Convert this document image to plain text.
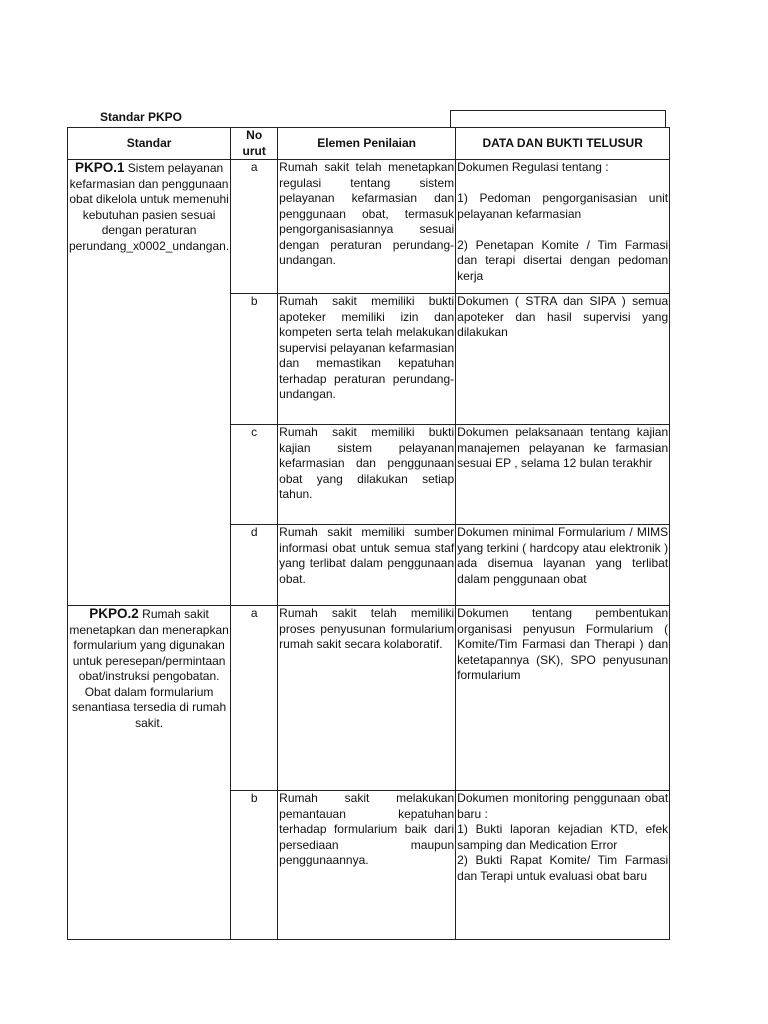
Standar PKPO
Standar	No urut	Elemen Penilaian	DATA DAN BUKTI TELUSUR
PKPO.1 Sistem pelayanan kefarmasian dan penggunaan obat dikelola untuk memenuhi kebutuhan pasien sesuai dengan peraturan perundang_x0002_undangan.	a	Rumah sakit telah menetapkan regulasi tentang sistem pelayanan kefarmasian dan penggunaan obat, termasuk pengorganisasiannya sesuai dengan peraturan perundang-undangan.	Dokumen Regulasi tentang :

1) Pedoman pengorganisasian unit pelayanan kefarmasian

2) Penetapan Komite / Tim Farmasi dan terapi disertai dengan pedoman kerja

	b	Rumah sakit memiliki bukti apoteker memiliki izin dan kompeten serta telah melakukan supervisi pelayanan kefarmasian dan memastikan kepatuhan terhadap peraturan perundang- undangan.	Dokumen ( STRA dan SIPA ) semua apoteker dan hasil supervisi yang dilakukan

	c	Rumah sakit memiliki bukti kajian sistem pelayanan kefarmasian dan penggunaan obat yang dilakukan setiap tahun.	Dokumen pelaksanaan tentang kajian manajemen pelayanan ke farmasian sesuai EP , selama 12 bulan terakhir

	d	Rumah sakit memiliki sumber informasi obat untuk semua staf yang terlibat dalam penggunaan obat.	Dokumen minimal Formularium / MIMS yang terkini ( hardcopy atau elektronik ) ada disemua layanan yang terlibat dalam penggunaan obat

PKPO.2 Rumah sakit menetapkan dan menerapkan formularium yang digunakan untuk peresepan/permintaan obat/instruksi pengobatan. Obat dalam formularium senantiasa tersedia di rumah sakit.	a	Rumah sakit telah memiliki proses penyusunan formularium rumah sakit secara kolaboratif.	Dokumen tentang pembentukan organisasi penyusun Formularium ( Komite/Tim Farmasi dan Therapi ) dan ketetapannya (SK), SPO penyusunan formularium

	b	Rumah sakit melakukan pemantauan kepatuhan terhadap formularium baik dari persediaan maupun penggunaannya.	Dokumen monitoring penggunaan obat baru :
1) Bukti laporan kejadian KTD, efek samping dan Medication Error
2) Bukti Rapat Komite/ Tim Farmasi dan Terapi untuk evaluasi obat baru
